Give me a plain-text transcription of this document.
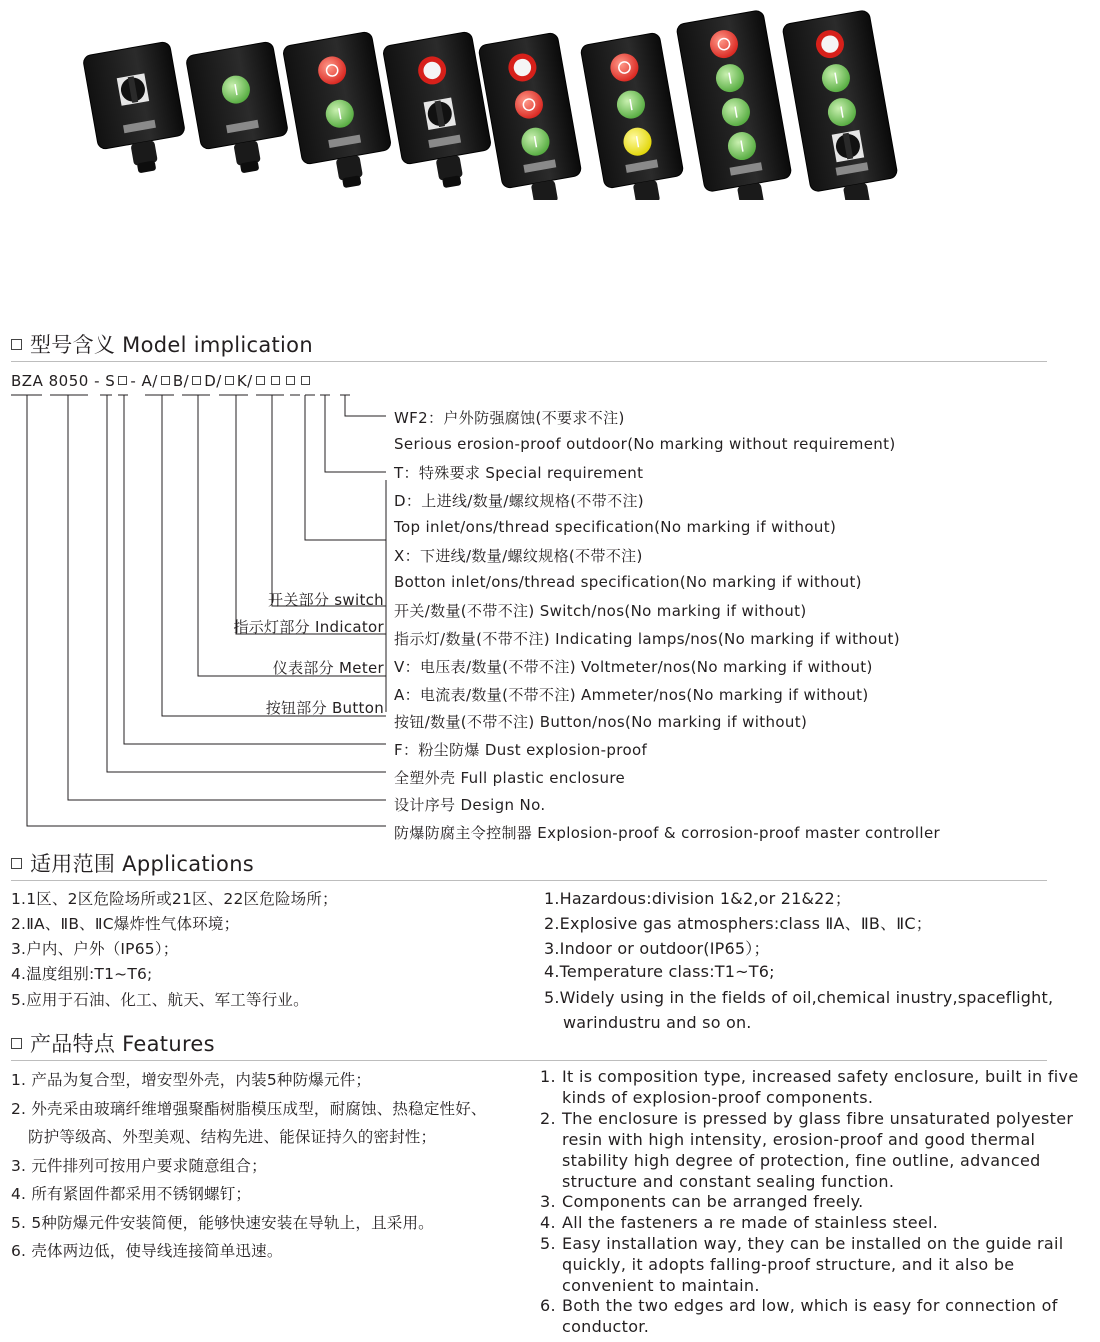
型号含义 Model implication
BZA 8050 - S - A/ B/ D/ K/
开关部分 switch
指示灯部分 Indicator
仪表部分 Meter
按钮部分 Button
WF2：户外防强腐蚀(不要求不注)
Serious erosion-proof outdoor(No marking without requirement)
T：特殊要求 Special requirement
D：上进线/数量/螺纹规格(不带不注)
Top inlet/ons/thread specification(No marking if without)
X：下进线/数量/螺纹规格(不带不注)
Botton inlet/ons/thread specification(No marking if without)
开关/数量(不带不注) Switch/nos(No marking if without)
指示灯/数量(不带不注) Indicating lamps/nos(No marking if without)
V：电压表/数量(不带不注) Voltmeter/nos(No marking if without)
A：电流表/数量(不带不注) Ammeter/nos(No marking if without)
按钮/数量(不带不注) Button/nos(No marking if without)
F：粉尘防爆 Dust explosion-proof
全塑外壳 Full plastic enclosure
设计序号 Design No.
防爆防腐主令控制器 Explosion-proof & corrosion-proof master controller
适用范围 Applications
1.1区、2区危险场所或21区、22区危险场所；
2.ⅡA、ⅡB、ⅡC爆炸性气体环境；
3.户内、户外（IP65）；
4.温度组别:T1~T6;
5.应用于石油、化工、航天、军工等行业。
1.Hazardous:division 1&2,or 21&22；
2.Explosive gas atmosphers:class ⅡA、ⅡB、ⅡC；
3.Indoor or outdoor(IP65）；
4.Temperature class:T1~T6;
5.Widely using in the fields of oil,chemical inustry,spaceflight,
warindustru and so on.
产品特点 Features
1. 产品为复合型，增安型外壳，内装5种防爆元件；
2. 外壳采由玻璃纤维增强聚酯树脂模压成型，耐腐蚀、热稳定性好、
防护等级高、外型美观、结构先进、能保证持久的密封性；
3. 元件排列可按用户要求随意组合；
4. 所有紧固件都采用不锈钢螺钉；
5. 5种防爆元件安装简便，能够快速安装在导轨上，且采用。
6. 壳体两边低，使导线连接简单迅速。
1. It is composition type, increased safety enclosure, built in five kinds of explosion-proof components.
2. The enclosure is pressed by glass fibre unsaturated polyester resin with high intensity, erosion-proof and good thermal stability high degree of protection, fine outline, advanced structure and constant sealing function.
3. Components can be arranged freely.
4. All the fasteners a re made of stainless steel.
5. Easy installation way, they can be installed on the guide rail quickly, it adopts falling-proof structure, and it also be convenient to maintain.
6. Both the two edges ard low, which is easy for connection of conductor.
